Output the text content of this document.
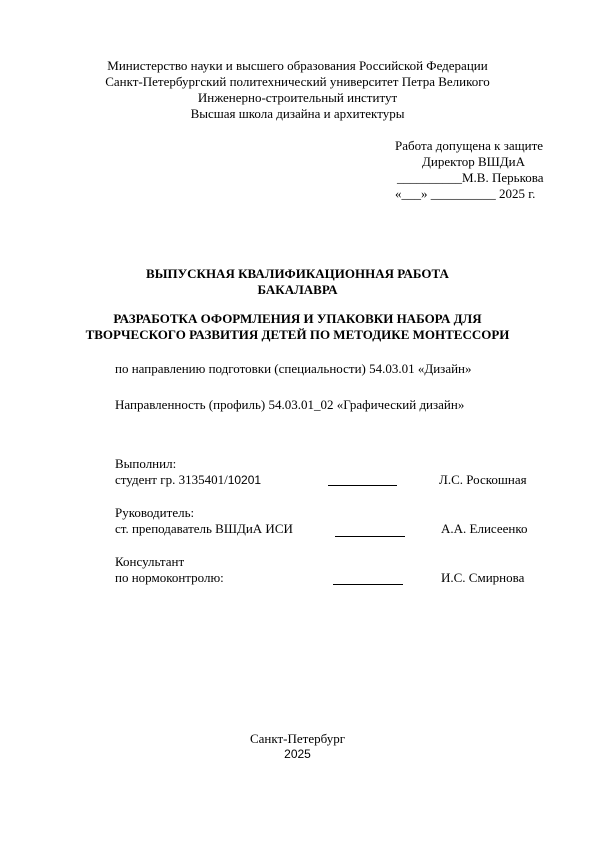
Министерство науки и высшего образования Российской Федерации
Санкт-Петербургский политехнический университет Петра Великого
Инженерно-строительный институт
Высшая школа дизайна и архитектуры
Работа допущена к защите
Директор ВШДиА
__________М.В. Перькова
«___» __________ 2025 г.
ВЫПУСКНАЯ КВАЛИФИКАЦИОННАЯ РАБОТА
БАКАЛАВРА
РАЗРАБОТКА ОФОРМЛЕНИЯ И УПАКОВКИ НАБОРА ДЛЯ
ТВОРЧЕСКОГО РАЗВИТИЯ ДЕТЕЙ ПО МЕТОДИКЕ МОНТЕССОРИ
по направлению подготовки (специальности) 54.03.01 «Дизайн»
Направленность (профиль) 54.03.01_02 «Графический дизайн»
Выполнил:
студент гр. 3135401/10201	Л.С. Роскошная
Руководитель:
ст. преподаватель ВШДиА ИСИ	А.А. Елисеенко
Консультант
по нормоконтролю:	И.С. Смирнова
Санкт-Петербург
2025
